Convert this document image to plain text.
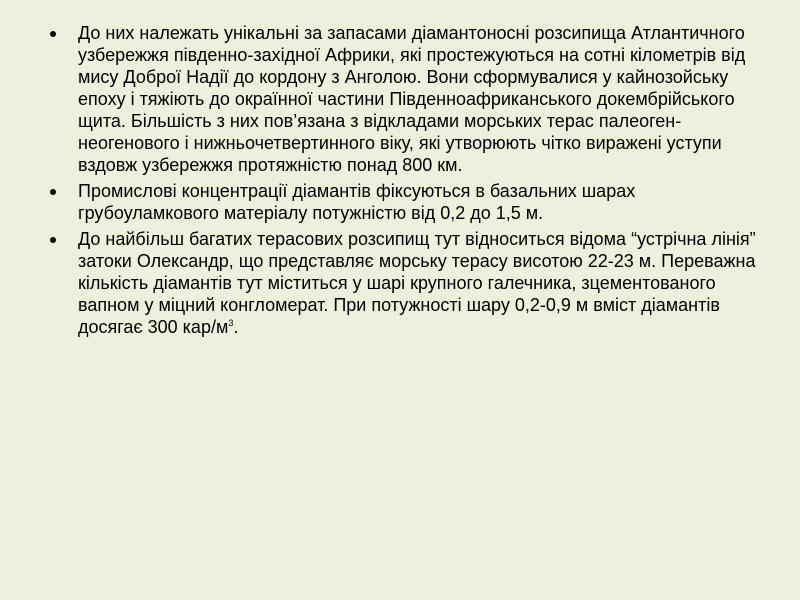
До них належать унікальні за запасами діамантоносні розсипища Атлантичного узбережжя південно-західної Африки, які простежуються на сотні кілометрів від мису Доброї Надії до кордону з Анголою. Вони сформувалися у кайнозойську епоху і тяжіють до окраїнної частини Південноафриканського докембрійського щита. Більшість з них пов’язана з відкладами морських терас палеоген-неогенового і нижньочетвертинного віку, які утворюють чітко виражені уступи вздовж узбережжя протяжністю понад 800 км.
Промислові концентрації діамантів фіксуються в базальних шарах грубоуламкового матеріалу потужністю від 0,2 до 1,5 м.
До найбільш багатих терасових розсипищ тут відноситься відома “устрічна лінія” затоки Олександр, що представляє морську терасу висотою 22-23 м. Переважна кількість діамантів тут міститься у шарі крупного галечника, зцементованого вапном у міцний конгломерат. При потужності шару 0,2-0,9 м вміст діамантів досягає 300 кар/$м^3$.
